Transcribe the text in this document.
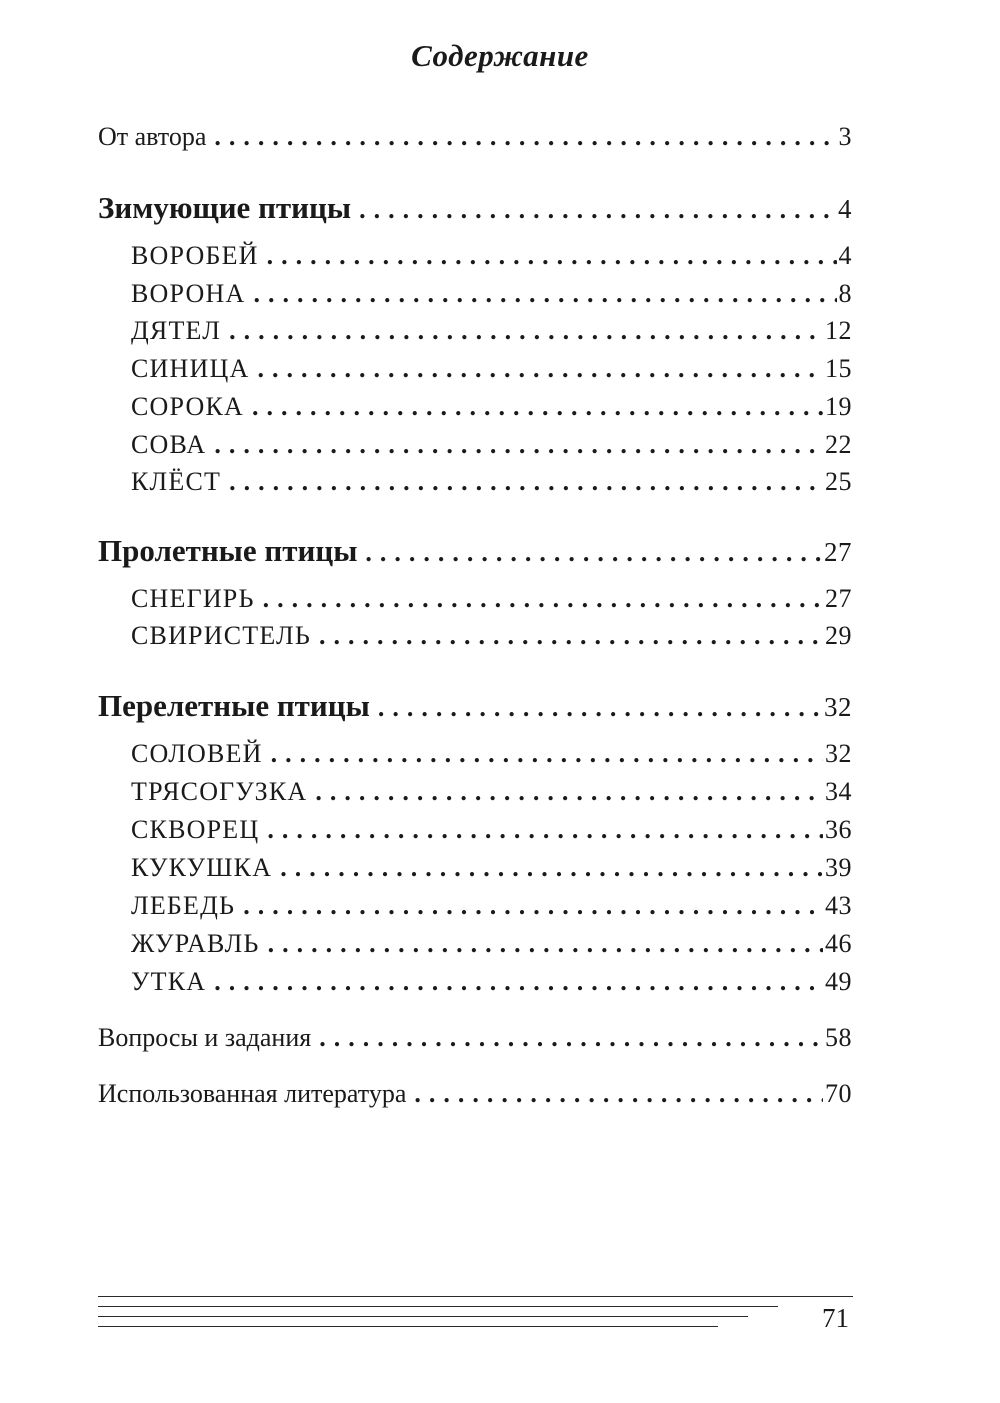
Содержание
От автора . . .	3
Зимующие птицы . . .	4
ВОРОБЕЙ . . .	4
ВОРОНА . . .	8
ДЯТЕЛ . . .	12
СИНИЦА . . .	15
СОРОКА . . .	19
СОВА . . .	22
КЛЁСТ . . .	25
Пролетные птицы . . .	27
СНЕГИРЬ . . .	27
СВИРИСТЕЛЬ . . .	29
Перелетные птицы . . .	32
СОЛОВЕЙ . . .	32
ТРЯСОГУЗКА . . .	34
СКВОРЕЦ . . .	36
КУКУШКА . . .	39
ЛЕБЕДЬ . . .	43
ЖУРАВЛЬ . . .	46
УТКА . . .	49
Вопросы и задания . . .	58
Использованная литература . . .	70
71
